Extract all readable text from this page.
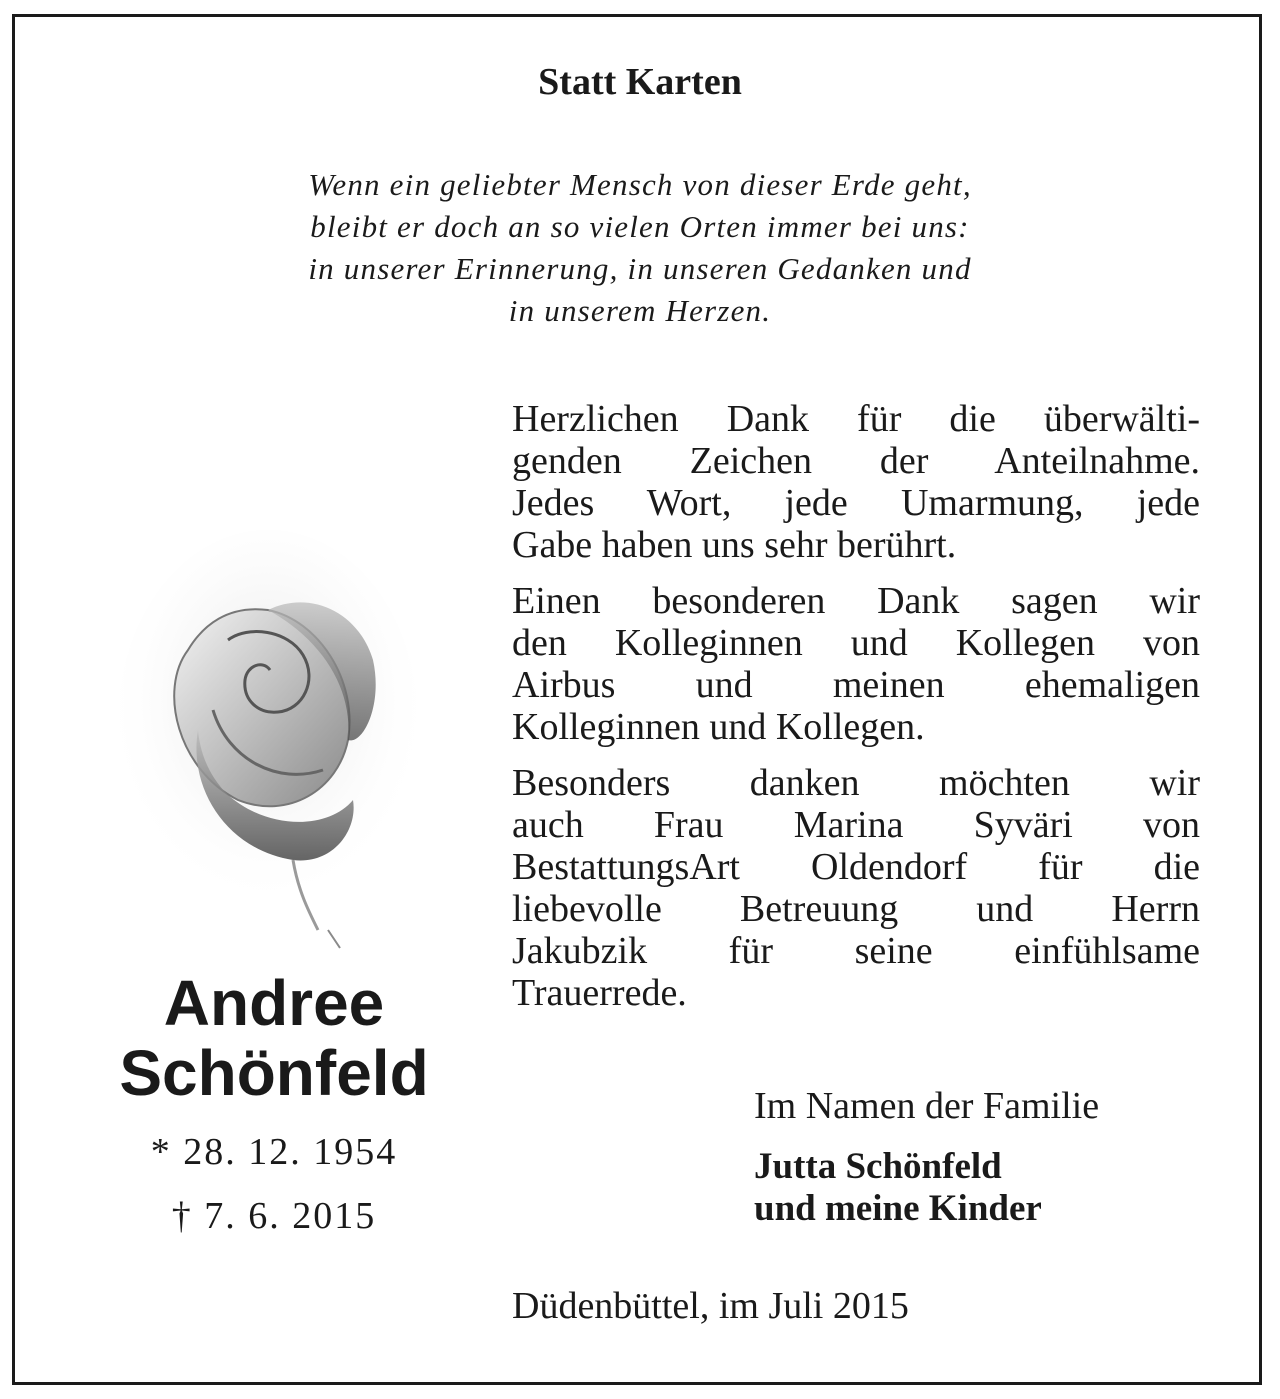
Statt Karten
Wenn ein geliebter Mensch von dieser Erde geht,
bleibt er doch an so vielen Orten immer bei uns:
in unserer Erinnerung, in unseren Gedanken und
in unserem Herzen.
Andree
Schönfeld
* 28. 12. 1954
† 7. 6. 2015

Herzlichen Dank für die überwälti-
genden Zeichen der Anteilnahme.
Jedes Wort, jede Umarmung, jede
Gabe haben uns sehr berührt.

Einen besonderen Dank sagen wir
den Kolleginnen und Kollegen von
Airbus und meinen ehemaligen
Kolleginnen und Kollegen.

Besonders danken möchten wir
auch Frau Marina Syväri von
BestattungsArt Oldendorf für die
liebevolle Betreuung und Herrn
Jakubzik für seine einfühlsame
Trauerrede.

Im Namen der Familie
Jutta Schönfeld
und meine Kinder
Düdenbüttel, im Juli 2015
